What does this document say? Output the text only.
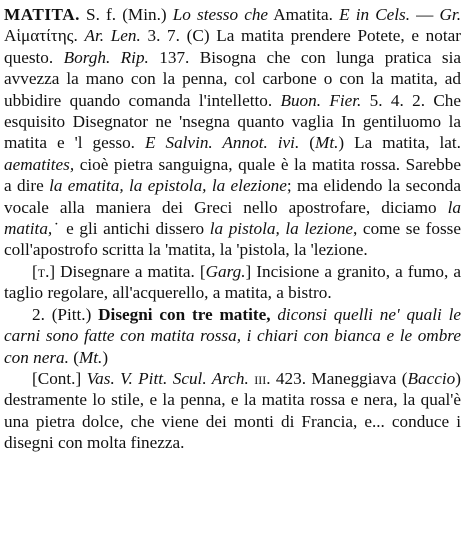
MATITA. S. f. (Min.) Lo stesso che Amatita. E in Cels. — Gr. Αἱματίτης. Ar. Len. 3. 7. (C) La matita prendere Potete, e notar questo. Borgh. Rip. 137. Bisogna che con lunga pratica sia avvezza la mano con la penna, col carbone o con la matita, ad ubbidire quando comanda l'intelletto. Buon. Fier. 5. 4. 2. Che esquisito Disegnator ne 'nsegna quanto vaglia In gentiluomo la matita e 'l gesso. E Salvin. Annot. ivi. (Mt.) La matita, lat. aematites, cioè pietra sanguigna, quale è la matita rossa. Sarebbe a dire la ematita, la epistola, la elezione; ma elidendo la seconda vocale alla maniera dei Greci nello apostrofare, diciamo la matita,˙ e gli antichi dissero la pistola, la lezione, come se fosse coll'apostrofo scritta la 'matita, la 'pistola, la 'lezione.

[t.] Disegnare a matita. [Garg.] Incisione a granito, a fumo, a taglio regolare, all'acquerello, a matita, a bistro.

2. (Pitt.) Disegni con tre matite, diconsi quelli ne' quali le carni sono fatte con matita rossa, i chiari con bianca e le ombre con nera. (Mt.)

[Cont.] Vas. V. Pitt. Scul. Arch. iii. 423. Maneggiava (Baccio) destramente lo stile, e la penna, e la matita rossa e nera, la qual'è una pietra dolce, che viene dei monti di Francia, e... conduce i disegni con molta finezza.
